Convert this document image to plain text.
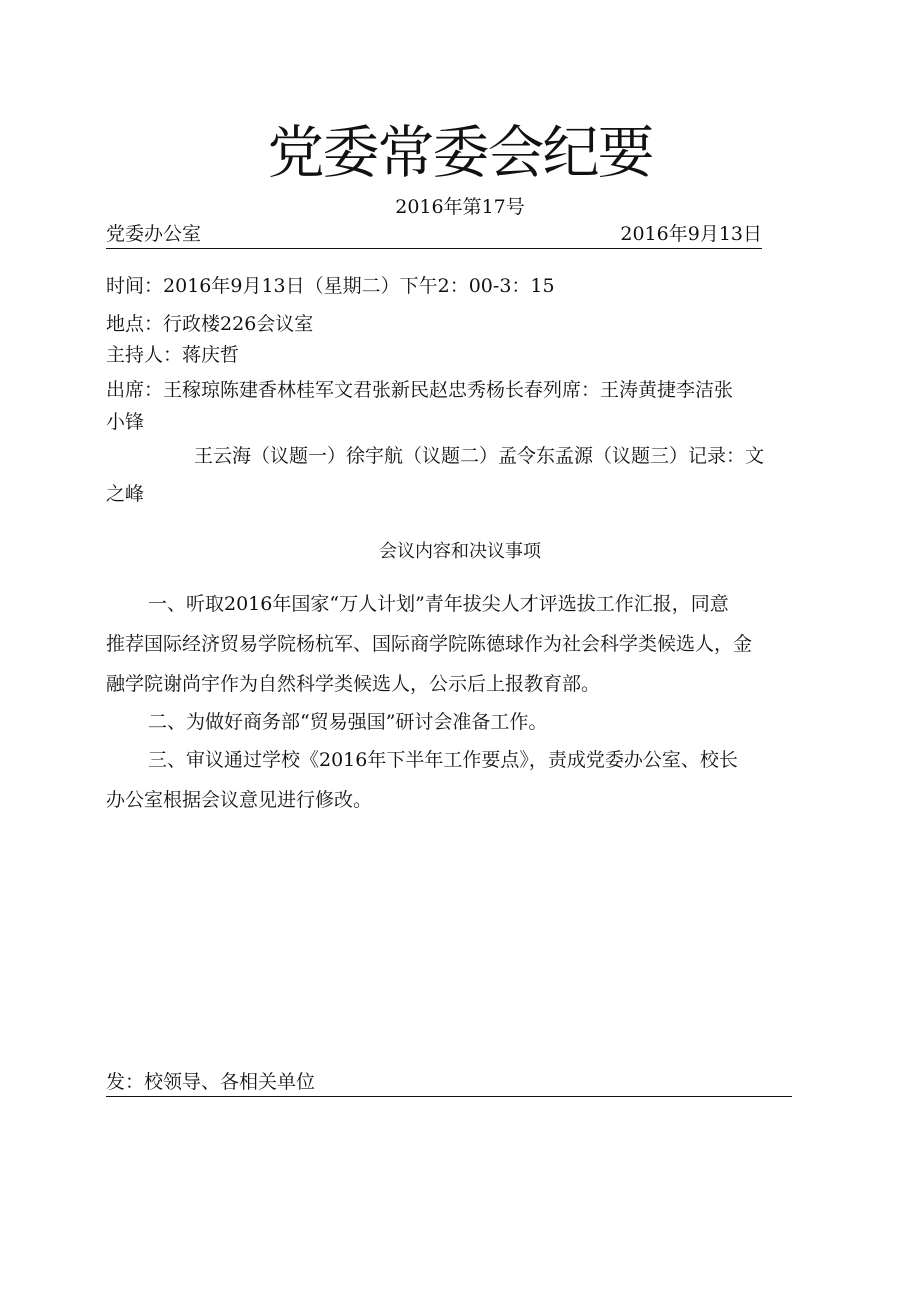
党委常委会纪要
2016年第17号
党委办公室	2016年9月13日
时间：2016年9月13日（星期二）下午2：00-3：15
地点：行政楼226会议室
主持人：蒋庆哲
出席：王稼琼陈建香林桂军文君张新民赵忠秀杨长春列席：王涛黄捷李洁张
小锋
王云海（议题一）徐宇航（议题二）孟令东孟源（议题三）记录：文
之峰
会议内容和决议事项
一、听取2016年国家“万人计划”青年拔尖人才评选拔工作汇报，同意
推荐国际经济贸易学院杨杭军、国际商学院陈德球作为社会科学类候选人，金
融学院谢尚宇作为自然科学类候选人，公示后上报教育部。
二、为做好商务部“贸易强国”研讨会准备工作。
三、审议通过学校《2016年下半年工作要点》，责成党委办公室、校长
办公室根据会议意见进行修改。
发：校领导、各相关单位
